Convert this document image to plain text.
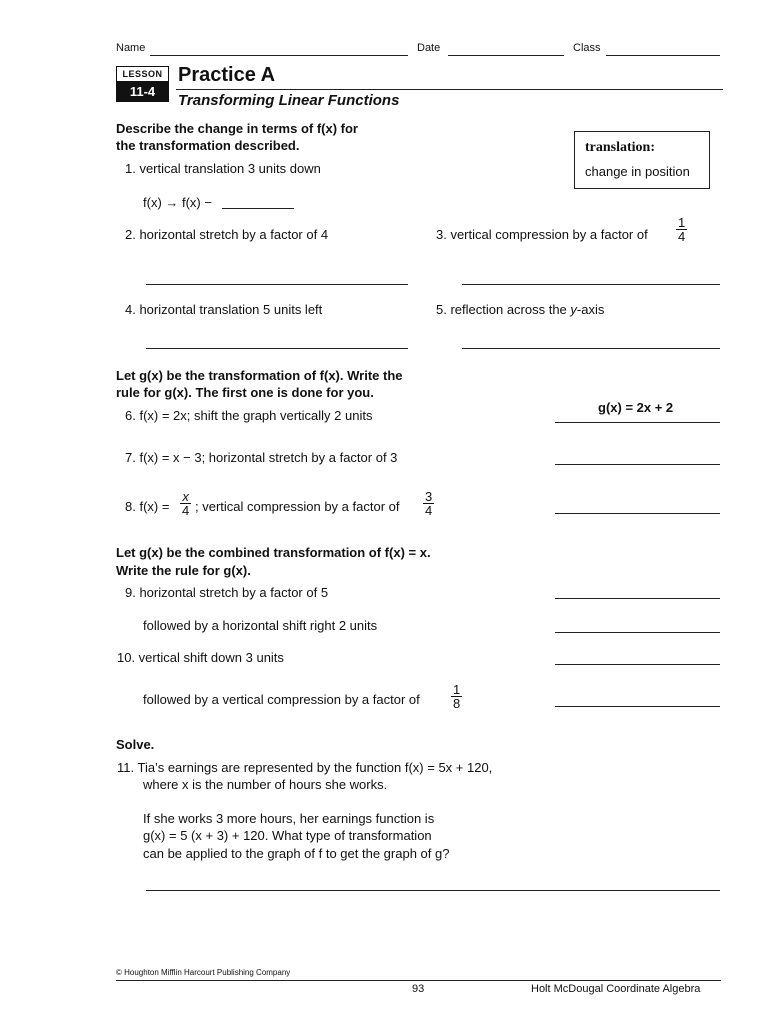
Name	Date	Class
LESSON
11-4
Practice A
Transforming Linear Functions
translation:
change in position
Describe the change in terms of f(x) for
the transformation described.
1. vertical translation 3 units down
f(x) → f(x) −
2. horizontal stretch by a factor of 4	3. vertical compression by a factor of $\frac{1}{4}$
4. horizontal translation 5 units left	5. reflection across the y-axis
Let g(x) be the transformation of f(x). Write the
rule for g(x). The first one is done for you.
6. f(x) = 2x; shift the graph vertically 2 units
g(x) = 2x + 2
7. f(x) = x − 3; horizontal stretch by a factor of 3
8. $f(x) = \frac{x}{4}$ ; vertical compression by a factor of $\frac{3}{4}$
Let g(x) be the combined transformation of f(x) = x.
Write the rule for g(x).
9. horizontal stretch by a factor of 5
followed by a horizontal shift right 2 units
10. vertical shift down 3 units
followed by a vertical compression by a factor of $\frac{1}{8}$
Solve.
11. Tia’s earnings are represented by the function f(x) = 5x + 120,
where x is the number of hours she works.
If she works 3 more hours, her earnings function is
g(x) = 5 (x + 3) + 120. What type of transformation
can be applied to the graph of f to get the graph of g?
© Houghton Mifflin Harcourt Publishing Company
93	Holt McDougal Coordinate Algebra
